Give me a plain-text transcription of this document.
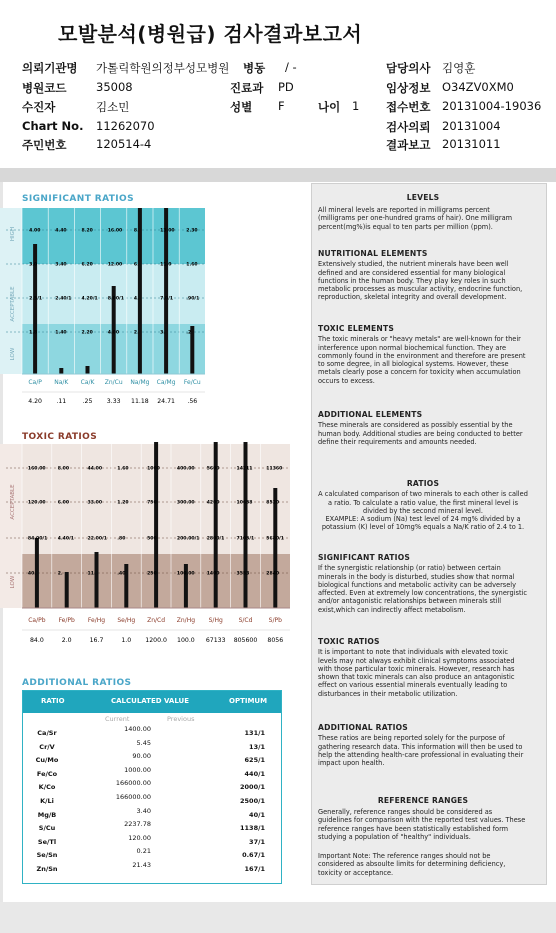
모발분석(병원급) 검사결과보고서
의뢰기관명 가톨릭학원의정부성모병원 병동 / -	담당의사 김영훈
병원코드	35008	진료과 PD	임상정보 O34ZV0XM0
수진자	김소민	성별 F	나이 1 접수번호 20131004-19036
Chart No. 11262070	검사의뢰 20131004
주민번호	120514-4	결과보고 20131011
SIGNIFICANT RATIOS
HIGH
ACCEPTABLE
LOW
4.00
3.0
2.5/1
1.8
Ca/P
4.20
4.40
3.40
2.40/1
1.40
Na/K
.11
8.20
6.20
4.20/1
2.20
Ca/K
.25
16.00
12.00
8.00/1
4.00
Zn/Cu
3.33
8.
6.
4.
2.
Na/Mg
11.18
13.00
11.0
7.0/1
3.
Ca/Mg
24.71
2.30
1.60
.90/1
.2
Fe/Cu
.56
TOXIC RATIOS
ACCEPTABLE
LOW
160.00
120.00
84.00/1
40.
Ca/Pb
84.0
8.00
6.00
4.40/1
2.
Fe/Pb
2.0
44.00
33.00
22.00/1
11.
Fe/Hg
16.7
1.60
1.20
.80
.40
Se/Hg
1.0
1000
750
500
250
Zn/Cd
1200.0
400.00
300.00
200.00/1
100.00
Zn/Hg
100.0
5600
4200
2800/1
1400
S/Hg
67133
14211
10658
7105/1
3553
S/Cd
805600
11360
8520
5680/1
2840
S/Pb
8056
ADDITIONAL RATIOS
RATIO	CALCULATED VALUE	OPTIMUM
Current	Previous
Ca/Sr	1400.00	131/1
Cr/V	5.45	13/1
Cu/Mo	90.00	625/1
Fe/Co	1000.00	440/1
K/Co	166000.00	2000/1
K/Li	166000.00	2500/1
Mg/B	3.40	40/1
S/Cu	2237.78	1138/1
Se/Tl	120.00	37/1
Se/Sn	0.21	0.67/1
Zn/Sn	21.43	167/1
LEVELS
All mineral levels are reported in milligrams percent (milligrams per one-hundred grams of hair). One milligram percent(mg%)is equal to ten parts per million (ppm).
NUTRITIONAL ELEMENTS
Extensively studied, the nutrient minerals have been well defined and are considered essential for many biological functions in the human body. They play key roles in such metabolic processes as muscular activity, endocrine function, reproduction, skeletal integrity and overall development.
TOXIC ELEMENTS
The toxic minerals or "heavy metals" are well-known for their interference upon normal biochemical function. They are commonly found in the environment and therefore are present to some degree, in all biological systems. However, these metals clearly pose a concern for toxicity when accumulation occurs to excess.
ADDITIONAL ELEMENTS
These minerals are considered as possibly essential by the human body. Additional studies are being conducted to better define their requirements and amounts needed.
RATIOS
A calculated comparison of two minerals to each other is called a ratio. To calculate a ratio value, the first mineral level is divided by the second mineral level.
EXAMPLE: A sodium (Na) test level of 24 mg% divided by a potassium (K) level of 10mg% equals a Na/K ratio of 2.4 to 1.
SIGNIFICANT RATIOS
If the synergistic relationship (or ratio) between certain minerals in the body is disturbed, studies show that normal biological functions and metabolic activity can be adversely affected. Even at extremely low concentrations, the synergistic and/or antagonistic relationships between minerals still exist,which can indirectly affect metabolism.
TOXIC RATIOS
It is important to note that individuals with elevated toxic levels may not always exhibit clinical symptoms associated with those particular toxic minerals. However, research has shown that toxic minerals can also produce an antagonistic effect on various essential minerals eventually leading to disturbances in their metabolic utilization.
ADDITIONAL RATIOS
These ratios are being reported solely for the purpose of gathering research data. This information will then be used to help the attending health-care professional in evaluating their impact upon health.
REFERENCE RANGES
Generally, reference ranges should be considered as guidelines for comparison with the reported test values. These reference ranges have been statistically established form studying a population of "healthy" individuals.
Important Note: The reference ranges should not be considered as absoulte limits for determining deficiency, toxicity or acceptance.
